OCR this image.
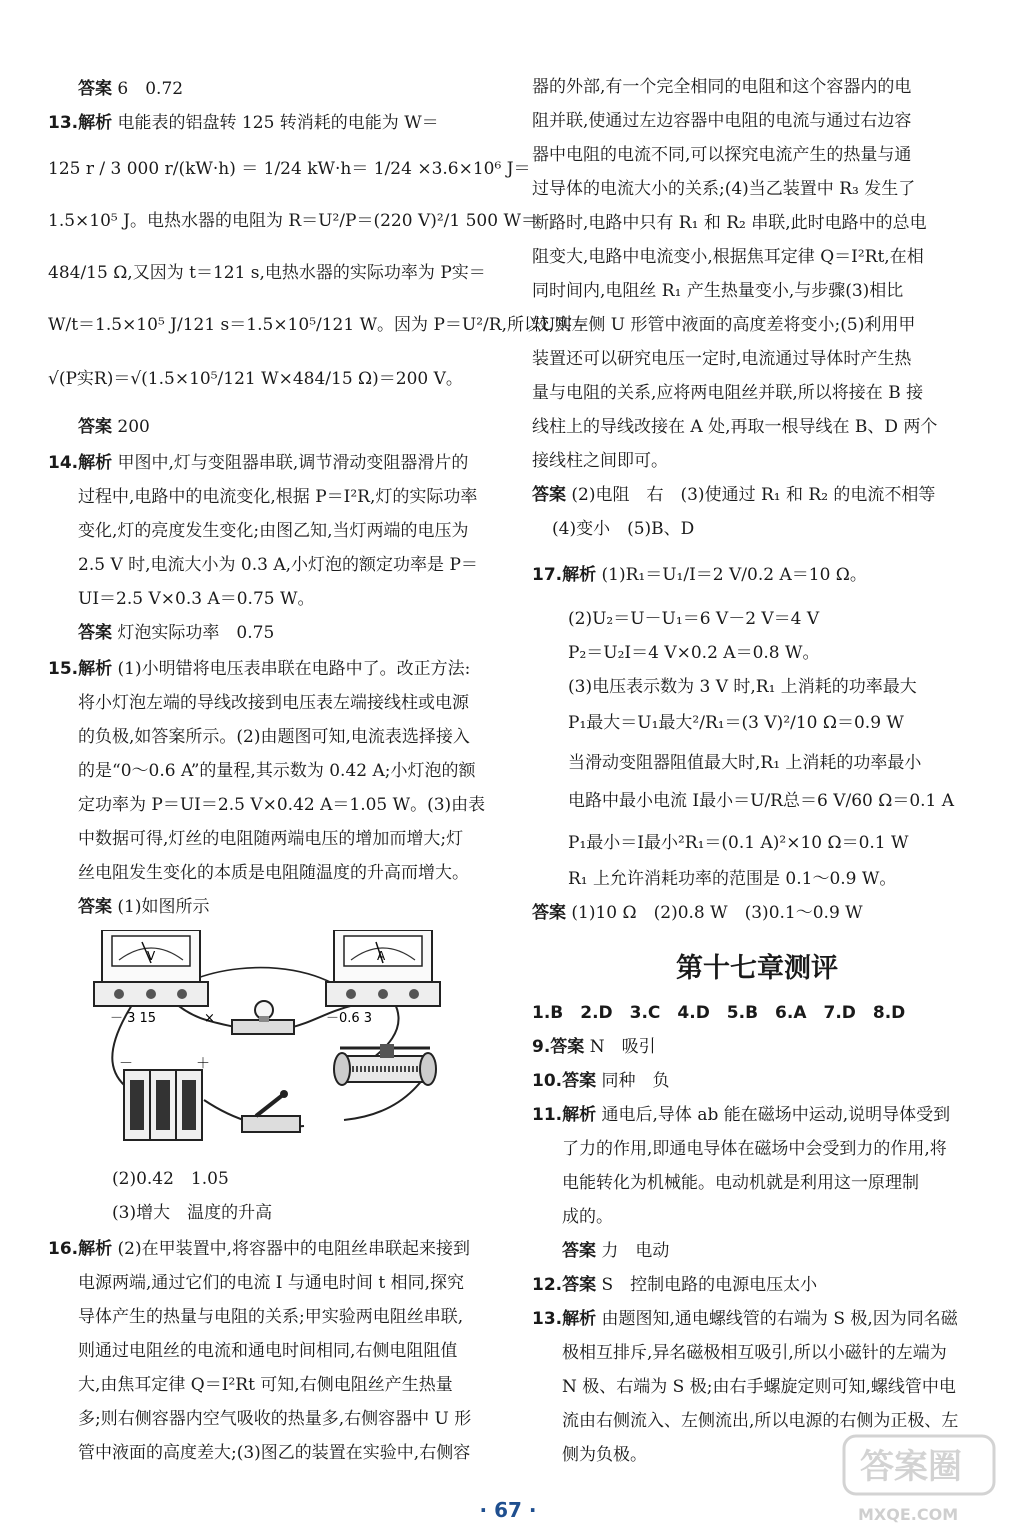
答案 6　0.72
13.解析 电能表的铝盘转 125 转消耗的电能为 W＝
125 r / 3 000 r/(kW·h) ＝ 1/24 kW·h＝ 1/24 ×3.6×10⁶ J＝
1.5×10⁵ J。电热水器的电阻为 R＝U²/P＝(220 V)²/1 500 W＝
484/15 Ω,又因为 t＝121 s,电热水器的实际功率为 P实＝
W/t＝1.5×10⁵ J/121 s＝1.5×10⁵/121 W。因为 P＝U²/R,所以U实＝
√(P实R)＝√(1.5×10⁵/121 W×484/15 Ω)＝200 V。
答案 200
14.解析 甲图中,灯与变阻器串联,调节滑动变阻器滑片的
过程中,电路中的电流变化,根据 P＝I²R,灯的实际功率
变化,灯的亮度发生变化;由图乙知,当灯两端的电压为
2.5 V 时,电流大小为 0.3 A,小灯泡的额定功率是 P＝
UI＝2.5 V×0.3 A＝0.75 W。
答案 灯泡实际功率　0.75
15.解析 (1)小明错将电压表串联在电路中了。改正方法:
将小灯泡左端的导线改接到电压表左端接线柱或电源
的负极,如答案所示。(2)由题图可知,电流表选择接入
的是“0～0.6 A”的量程,其示数为 0.42 A;小灯泡的额
定功率为 P＝UI＝2.5 V×0.42 A＝1.05 W。(3)由表
中数据可得,灯丝的电阻随两端电压的增加而增大;灯
丝电阻发生变化的本质是电阻随温度的升高而增大。
答案 (1)如图所示
(2)0.42　1.05
(3)增大　温度的升高
16.解析 (2)在甲装置中,将容器中的电阻丝串联起来接到
电源两端,通过它们的电流 I 与通电时间 t 相同,探究
导体产生的热量与电阻的关系;甲实验两电阻丝串联,
则通过电阻丝的电流和通电时间相同,右侧电阻阻值
大,由焦耳定律 Q＝I²Rt 可知,右侧电阻丝产生热量
多;则右侧容器内空气吸收的热量多,右侧容器中 U 形
管中液面的高度差大;(3)图乙的装置在实验中,右侧容
V
－ 3 15
A
－0.6 3
×
－	＋
器的外部,有一个完全相同的电阻和这个容器内的电
阻并联,使通过左边容器中电阻的电流与通过右边容
器中电阻的电流不同,可以探究电流产生的热量与通
过导体的电流大小的关系;(4)当乙装置中 R₃ 发生了
断路时,电路中只有 R₁ 和 R₂ 串联,此时电路中的总电
阻变大,电路中电流变小,根据焦耳定律 Q＝I²Rt,在相
同时间内,电阻丝 R₁ 产生热量变小,与步骤(3)相比
较,则左侧 U 形管中液面的高度差将变小;(5)利用甲
装置还可以研究电压一定时,电流通过导体时产生热
量与电阻的关系,应将两电阻丝并联,所以将接在 B 接
线柱上的导线改接在 A 处,再取一根导线在 B、D 两个
接线柱之间即可。
答案 (2)电阻　右　(3)使通过 R₁ 和 R₂ 的电流不相等
(4)变小　(5)B、D
17.解析 (1)R₁＝U₁/I＝2 V/0.2 A＝10 Ω。
(2)U₂＝U－U₁＝6 V－2 V＝4 V
P₂＝U₂I＝4 V×0.2 A＝0.8 W。
(3)电压表示数为 3 V 时,R₁ 上消耗的功率最大
P₁最大＝U₁最大²/R₁＝(3 V)²/10 Ω＝0.9 W
当滑动变阻器阻值最大时,R₁ 上消耗的功率最小
电路中最小电流 I最小＝U/R总＝6 V/60 Ω＝0.1 A
P₁最小＝I最小²R₁＝(0.1 A)²×10 Ω＝0.1 W
R₁ 上允许消耗功率的范围是 0.1～0.9 W。
答案 (1)10 Ω　(2)0.8 W　(3)0.1～0.9 W
第十七章测评
1.B　2.D　3.C　4.D　5.B　6.A　7.D　8.D
9.答案 N　吸引
10.答案 同种　负
11.解析 通电后,导体 ab 能在磁场中运动,说明导体受到
了力的作用,即通电导体在磁场中会受到力的作用,将
电能转化为机械能。电动机就是利用这一原理制
成的。
答案 力　电动
12.答案 S　控制电路的电源电压太小
13.解析 由题图知,通电螺线管的右端为 S 极,因为同名磁
极相互排斥,异名磁极相互吸引,所以小磁针的左端为
N 极、右端为 S 极;由右手螺旋定则可知,螺线管中电
流由右侧流入、左侧流出,所以电源的右侧为正极、左
侧为负极。
· 67 ·
答案圈
MXQE.COM
